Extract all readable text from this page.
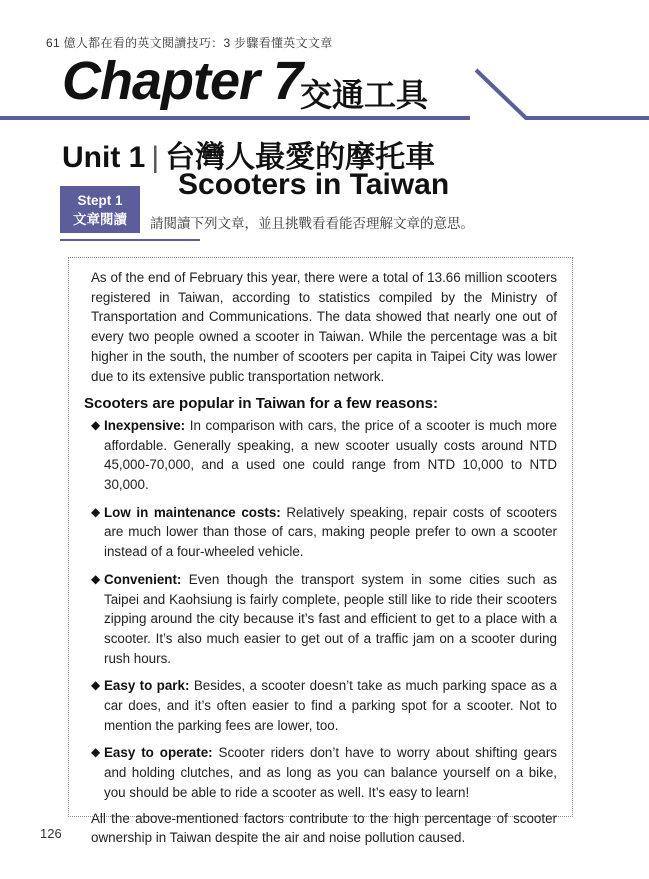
61 億人都在看的英文閱讀技巧：3 步驟看懂英文文章
Chapter 7
交通工具
Unit 1 | 台灣人最愛的摩托車
Scooters in Taiwan
Stept 1
文章閱讀	請閱讀下列文章，並且挑戰看看能否理解文章的意思。

As of the end of February this year, there were a total of 13.66 million scooters registered in Taiwan, according to statistics compiled by the Ministry of Transportation and Communications. The data showed that nearly one out of every two people owned a scooter in Taiwan. While the percentage was a bit higher in the south, the number of scooters per capita in Taipei City was lower due to its extensive public transportation network.

Scooters are popular in Taiwan for a few reasons:

◆ Inexpensive: In comparison with cars, the price of a scooter is much more affordable. Generally speaking, a new scooter usually costs around NTD 45,000-70,000, and a used one could range from NTD 10,000 to NTD 30,000.

◆ Low in maintenance costs: Relatively speaking, repair costs of scooters are much lower than those of cars, making people prefer to own a scooter instead of a four-wheeled vehicle.

◆ Convenient: Even though the transport system in some cities such as Taipei and Kaohsiung is fairly complete, people still like to ride their scooters zipping around the city because it’s fast and efficient to get to a place with a scooter. It’s also much easier to get out of a traffic jam on a scooter during rush hours.

◆ Easy to park: Besides, a scooter doesn’t take as much parking space as a car does, and it’s often easier to find a parking spot for a scooter. Not to mention the parking fees are lower, too.

◆ Easy to operate: Scooter riders don’t have to worry about shifting gears and holding clutches, and as long as you can balance yourself on a bike, you should be able to ride a scooter as well. It’s easy to learn!

All the above-mentioned factors contribute to the high percentage of scooter ownership in Taiwan despite the air and noise pollution caused.

126
